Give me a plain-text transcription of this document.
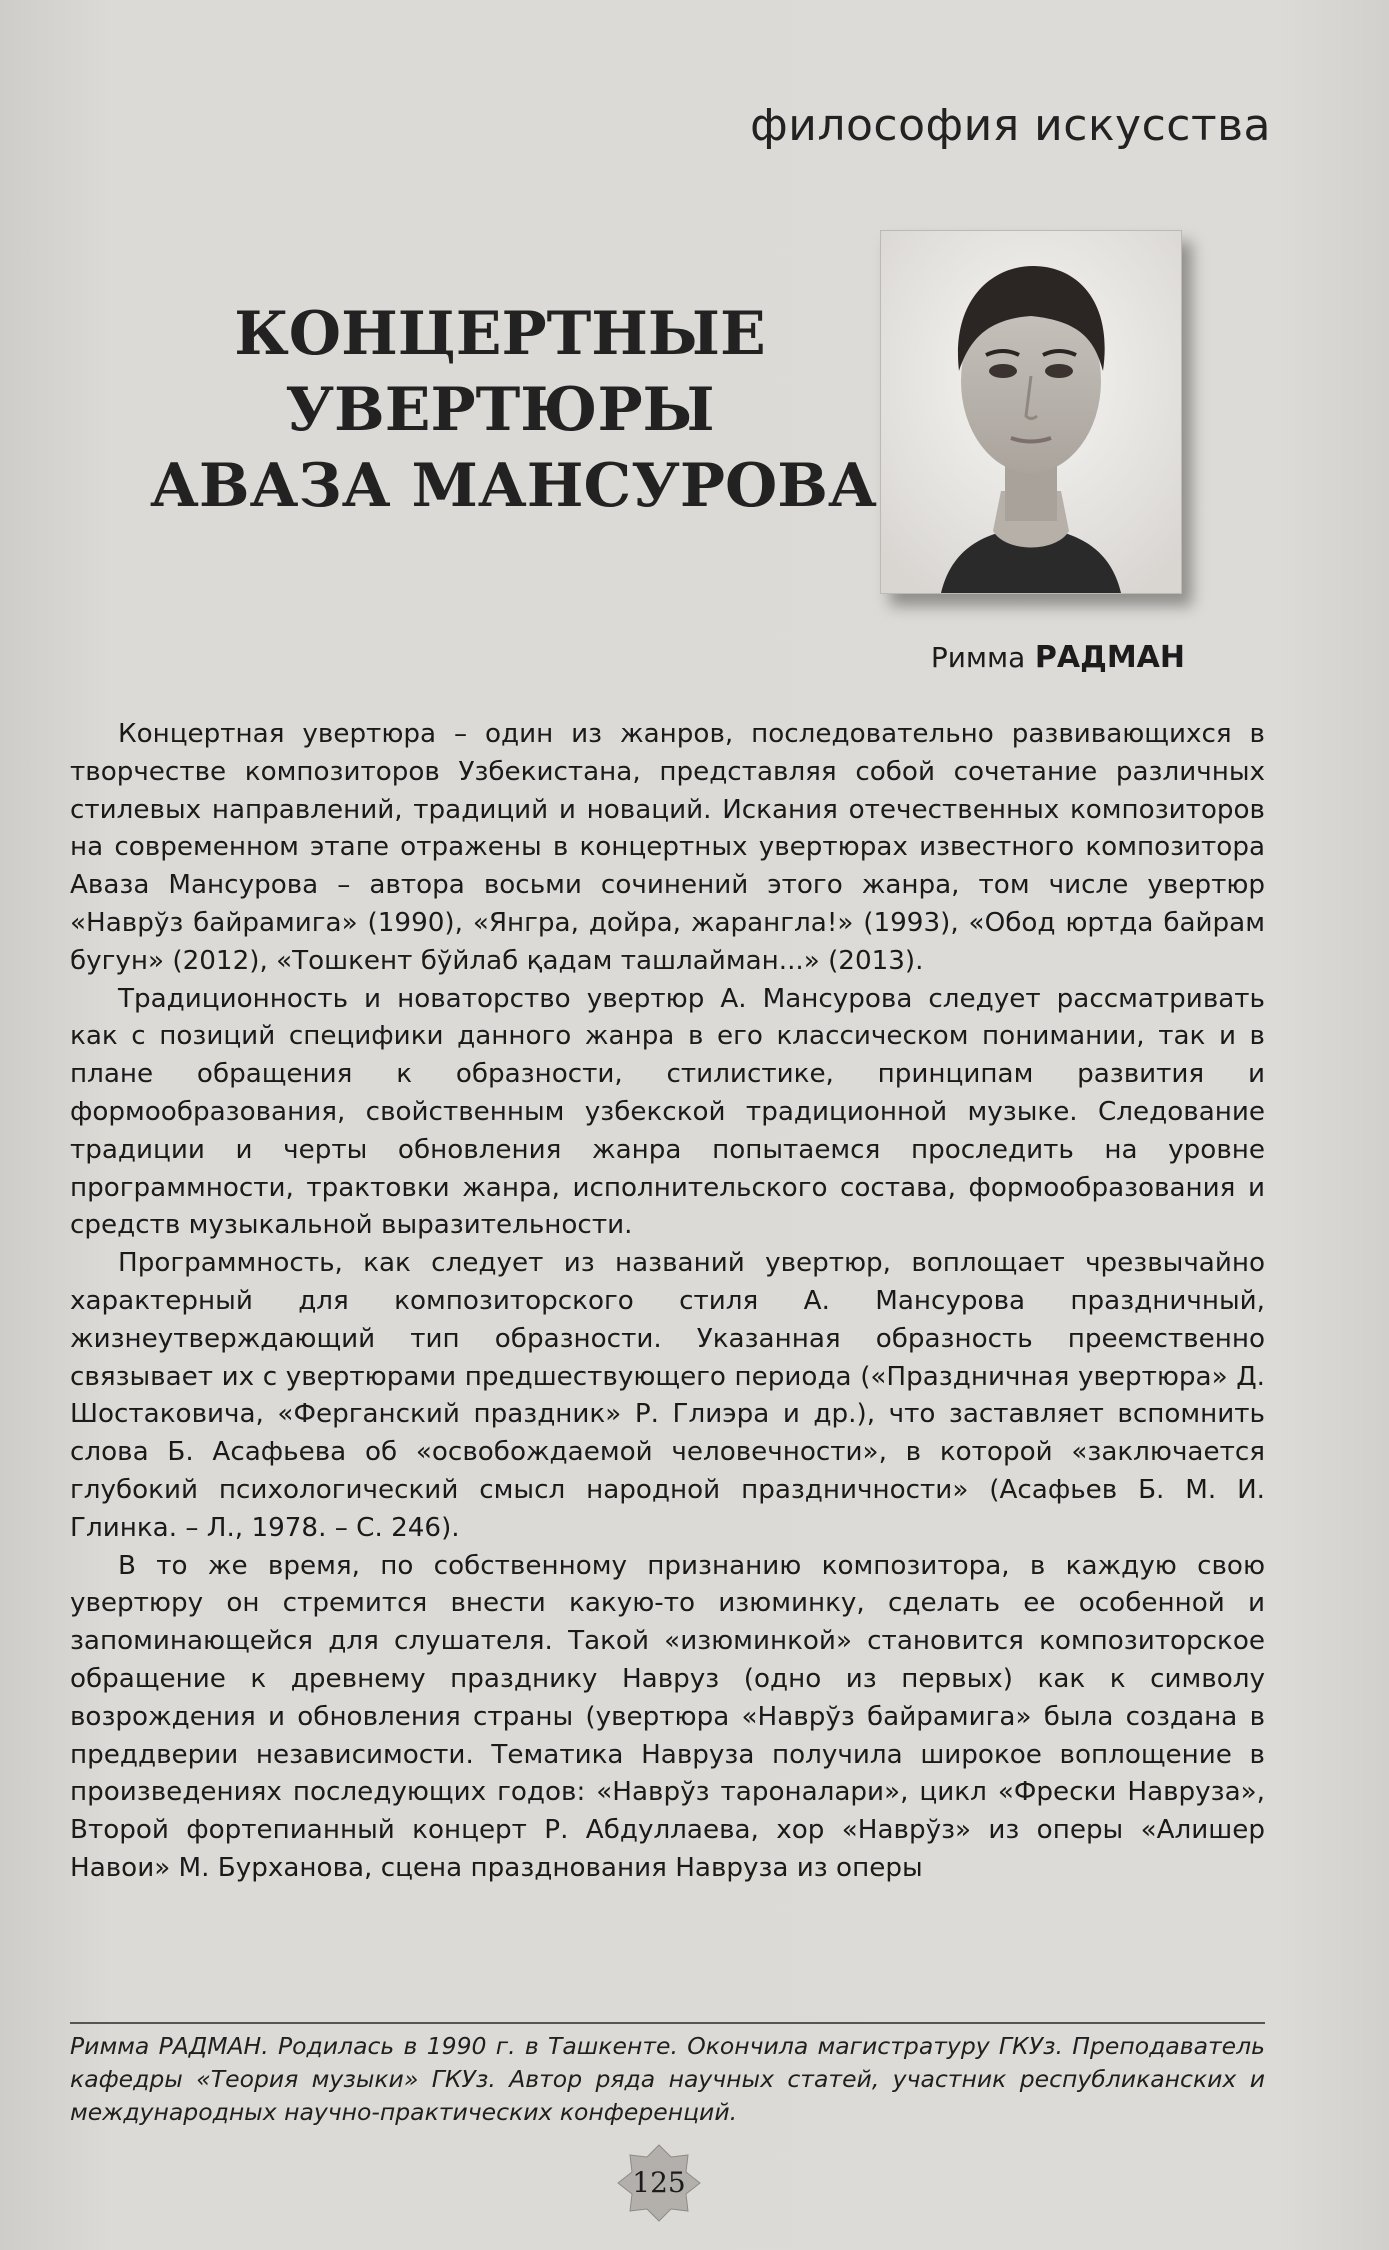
философия искусства
КОНЦЕРТНЫЕ
УВЕРТЮРЫ
АВАЗА МАНСУРОВА
Римма РАДМАН

Концертная увертюра – один из жанров, последовательно развивающихся в творчестве композиторов Узбекистана, представляя собой сочетание различных стилевых направлений, традиций и новаций. Искания отечественных композиторов на современном этапе отражены в концертных увертюрах известного композитора Аваза Мансурова – автора восьми сочинений этого жанра, том числе увертюр «Наврўз байрамига» (1990), «Янгра, дойра, жарангла!» (1993), «Обод юртда байрам бугун» (2012), «Тошкент бўйлаб қадам ташлайман...» (2013).

Традиционность и новаторство увертюр А. Мансурова следует рассматривать как с позиций специфики данного жанра в его классическом понимании, так и в плане обращения к образности, стилистике, принципам развития и формообразования, свойственным узбекской традиционной музыке. Следование традиции и черты обновления жанра попытаемся проследить на уровне программности, трактовки жанра, исполнительского состава, формообразования и средств музыкальной выразительности.

Программность, как следует из названий увертюр, воплощает чрезвычайно характерный для композиторского стиля А. Мансурова праздничный, жизнеутверждающий тип образности. Указанная образность преемственно связывает их с увертюрами предшествующего периода («Праздничная увертюра» Д. Шостаковича, «Ферганский праздник» Р. Глиэра и др.), что заставляет вспомнить слова Б. Асафьева об «освобождаемой человечности», в которой «заключается глубокий психологический смысл народной праздничности» (Асафьев Б. М. И. Глинка. – Л., 1978. – С. 246).

В то же время, по собственному признанию композитора, в каждую свою увертюру он стремится внести какую-то изюминку, сделать ее особенной и запоминающейся для слушателя. Такой «изюминкой» становится композиторское обращение к древнему празднику Навруз (одно из первых) как к символу возрождения и обновления страны (увертюра «Наврўз байрамига» была создана в преддверии независимости. Тематика Навруза получила широкое воплощение в произведениях последующих годов: «Наврўз тароналари», цикл «Фрески Навруза», Второй фортепианный концерт Р. Абдуллаева, хор «Наврўз» из оперы «Алишер Навои» М. Бурханова, сцена празднования Навруза из оперы

Римма РАДМАН. Родилась в 1990 г. в Ташкенте. Окончила магистратуру ГКУз. Преподаватель кафедры «Теория музыки» ГКУз. Автор ряда научных статей, участник республиканских и международных научно-практических конференций.
125
